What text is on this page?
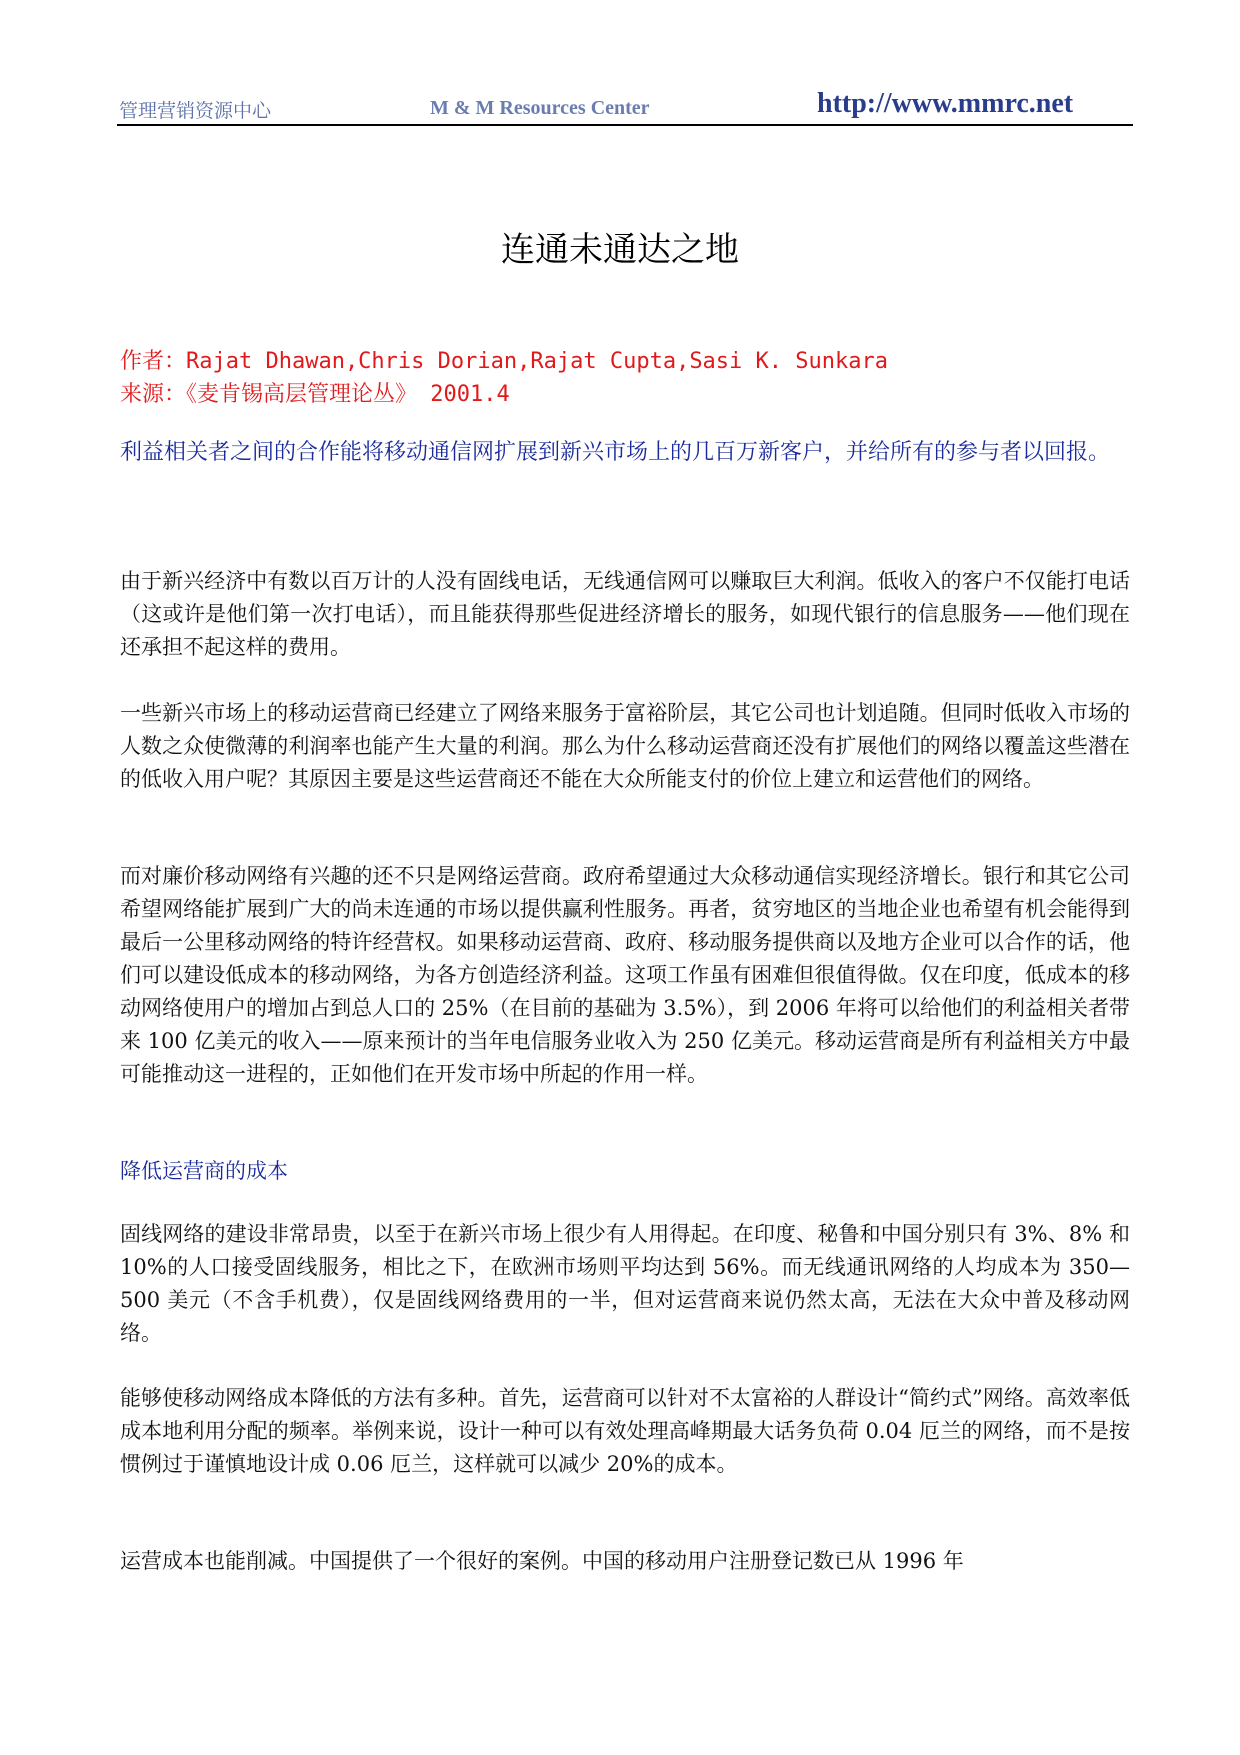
管理营销资源中心	M & M Resources Center	http://www.mmrc.net
连通未通达之地
作者：Rajat Dhawan,Chris Dorian,Rajat Cupta,Sasi K. Sunkara
来源：《麦肯锡高层管理论丛》 2001.4
利益相关者之间的合作能将移动通信网扩展到新兴市场上的几百万新客户，并给所有的参与者以回报。
由于新兴经济中有数以百万计的人没有固线电话，无线通信网可以赚取巨大利润。低收入的客户不仅能打电话（这或许是他们第一次打电话），而且能获得那些促进经济增长的服务，如现代银行的信息服务——他们现在还承担不起这样的费用。
一些新兴市场上的移动运营商已经建立了网络来服务于富裕阶层，其它公司也计划追随。但同时低收入市场的人数之众使微薄的利润率也能产生大量的利润。那么为什么移动运营商还没有扩展他们的网络以覆盖这些潜在的低收入用户呢？其原因主要是这些运营商还不能在大众所能支付的价位上建立和运营他们的网络。
而对廉价移动网络有兴趣的还不只是网络运营商。政府希望通过大众移动通信实现经济增长。银行和其它公司希望网络能扩展到广大的尚未连通的市场以提供赢利性服务。再者，贫穷地区的当地企业也希望有机会能得到最后一公里移动网络的特许经营权。如果移动运营商、政府、移动服务提供商以及地方企业可以合作的话，他们可以建设低成本的移动网络，为各方创造经济利益。这项工作虽有困难但很值得做。仅在印度，低成本的移动网络使用户的增加占到总人口的 25%（在目前的基础为 3.5%），到 2006 年将可以给他们的利益相关者带来 100 亿美元的收入——原来预计的当年电信服务业收入为 250 亿美元。移动运营商是所有利益相关方中最可能推动这一进程的，正如他们在开发市场中所起的作用一样。
降低运营商的成本
固线网络的建设非常昂贵，以至于在新兴市场上很少有人用得起。在印度、秘鲁和中国分别只有 3%、8% 和 10%的人口接受固线服务，相比之下，在欧洲市场则平均达到 56%。而无线通讯网络的人均成本为 350—500 美元（不含手机费），仅是固线网络费用的一半，但对运营商来说仍然太高，无法在大众中普及移动网络。
能够使移动网络成本降低的方法有多种。首先，运营商可以针对不太富裕的人群设计“简约式”网络。高效率低成本地利用分配的频率。举例来说，设计一种可以有效处理高峰期最大话务负荷 0.04 厄兰的网络，而不是按惯例过于谨慎地设计成 0.06 厄兰，这样就可以减少 20%的成本。
运营成本也能削减。中国提供了一个很好的案例。中国的移动用户注册登记数已从 1996 年
